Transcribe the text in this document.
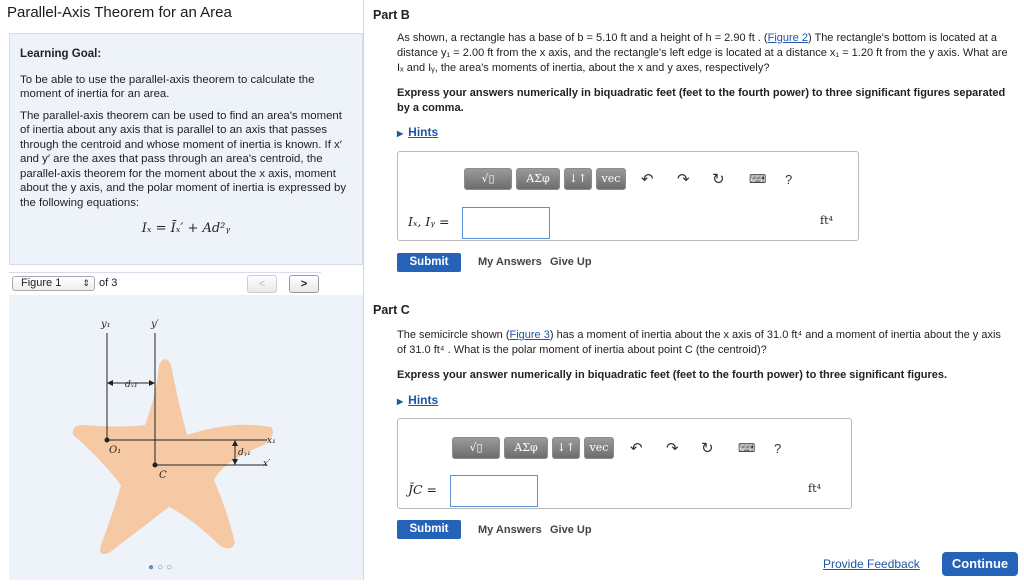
Parallel-Axis Theorem for an Area
Learning Goal:

To be able to use the parallel-axis theorem to calculate the moment of inertia for an area.

The parallel-axis theorem can be used to find an area's moment of inertia about any axis that is parallel to an axis that passes through the centroid and whose moment of inertia is known. If x′ and y′ are the axes that pass through an area's centroid, the parallel-axis theorem for the moment about the x axis, moment about the y axis, and the polar moment of inertia is expressed by the following equations:

Iₓ = Īₓ′ + Ad²ᵧ
Figure 1 ⇕ of 3	<	>
y₁	y′
dₓ₁
O₁
C
dᵧ₁
x₁
x′
●○○
Part B
As shown, a rectangle has a base of b = 5.10 ft and a height of h = 2.90 ft . (Figure 2) The rectangle's bottom is located at a distance y₁ = 2.00 ft from the x axis, and the rectangle's left edge is located at a distance x₁ = 1.20 ft from the y axis. What are Iₓ and Iᵧ, the area's moments of inertia, about the x and y axes, respectively?
Express your answers numerically in biquadratic feet (feet to the fourth power) to three significant figures separated by a comma.
▶ Hints
√▯	ΑΣφ	↓↑	vec	↶ ↷ ↻ ⌨ ?
Iₓ, Iᵧ =	ft⁴
Submit	My Answers Give Up
Part C
The semicircle shown (Figure 3) has a moment of inertia about the x axis of 31.0 ft⁴ and a moment of inertia about the y axis of 31.0 ft⁴ . What is the polar moment of inertia about point C (the centroid)?
Express your answer numerically in biquadratic feet (feet to the fourth power) to three significant figures.
▶ Hints
√▯	ΑΣφ	↓↑	vec	↶ ↷ ↻ ⌨ ?
J̄C =	ft⁴
Submit	My Answers Give Up
Provide Feedback	Continue
